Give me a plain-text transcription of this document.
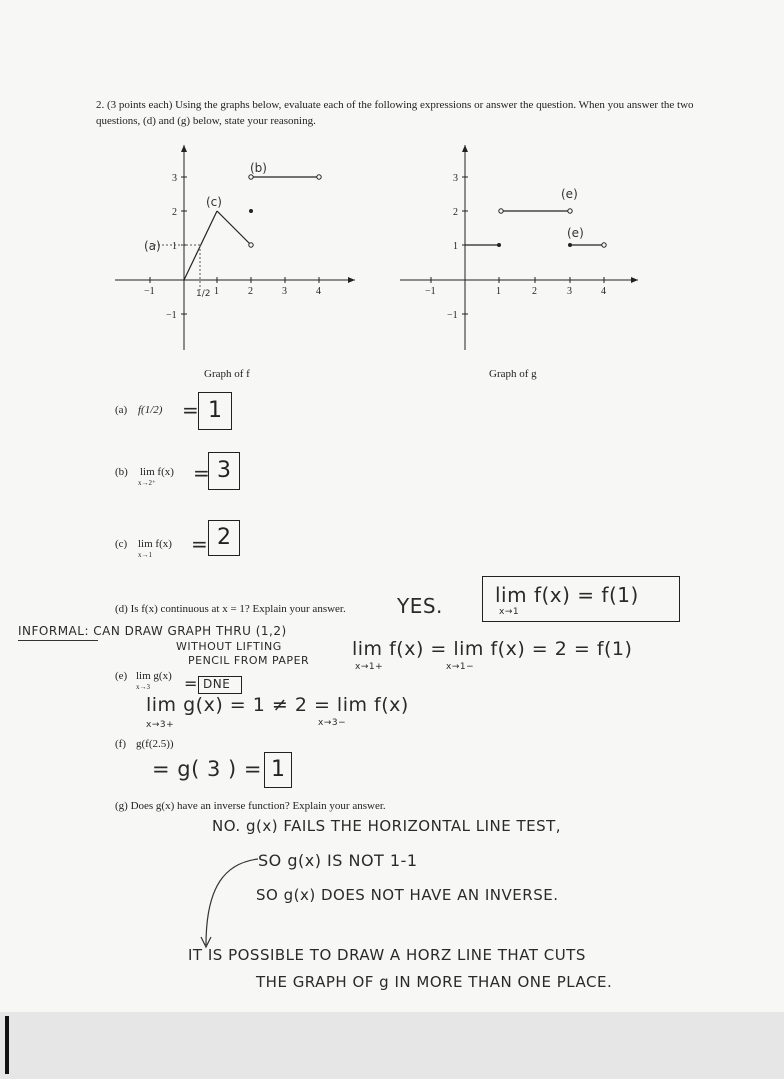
2. (3 points each) Using the graphs below, evaluate each of the following expressions or answer the question. When you answer the two questions, (d) and (g) below, state your reasoning.
−1	1	2	3	4
3
2
1
−1
(a)
(b)
(c)
1/2
Graph of f
−1	1	2	3	4
3
2
1
−1
(e)
(e)
Graph of g
(a) f(1/2) = 1
(b) lim f(x)
x→2⁺ = 3
(c) lim f(x)
x→1 = 2
(d) Is f(x) continuous at x = 1? Explain your answer.	YES.	lim f(x) = f(1)
x→1
INFORMAL: CAN DRAW GRAPH THRU (1,2)
WITHOUT LIFTING
PENCIL FROM PAPER
lim f(x) = lim f(x) = 2 = f(1)
x→1+	x→1−
(e) lim g(x)
x→3 = DNE
lim g(x) = 1 ≠ 2 = lim f(x)
x→3+	x→3−
(f) g(f(2.5))
= g( 3 ) = 1
(g) Does g(x) have an inverse function? Explain your answer.
NO. g(x) FAILS THE HORIZONTAL LINE TEST,
SO g(x) IS NOT 1-1
SO g(x) DOES NOT HAVE AN INVERSE.
IT IS POSSIBLE TO DRAW A HORZ LINE THAT CUTS
THE GRAPH OF g IN MORE THAN ONE PLACE.
